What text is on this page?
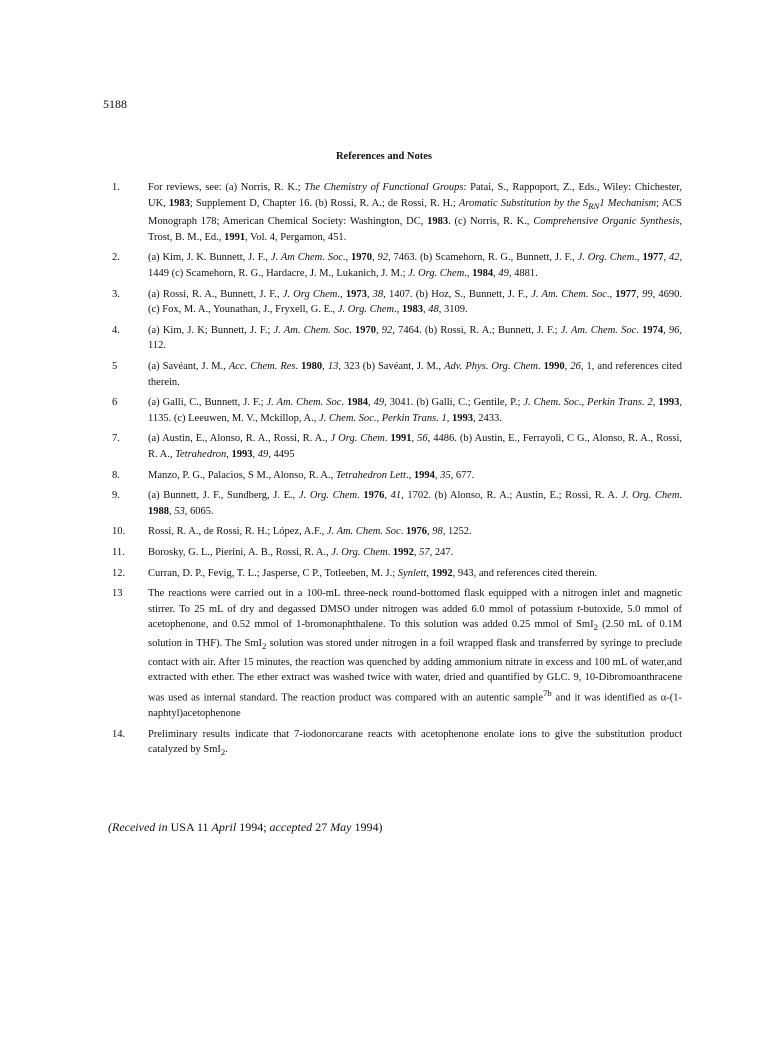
5188
References and Notes
1.	For reviews, see: (a) Norris, R. K.; The Chemistry of Functional Groups: Patai, S., Rappoport, Z., Eds., Wiley: Chichester, UK, 1983; Supplement D, Chapter 16. (b) Rossi, R. A.; de Rossi, R. H.; Aromatic Substitution by the $S_{RN}1$ Mechanism; ACS Monograph 178; American Chemical Society: Washington, DC, 1983. (c) Norris, R. K., Comprehensive Organic Synthesis, Trost, B. M., Ed., 1991, Vol. 4, Pergamon, 451.
2.	(a) Kim, J. K. Bunnett, J. F., J. Am Chem. Soc., 1970, 92, 7463. (b) Scamehorn, R. G., Bunnett, J. F., J. Org. Chem., 1977, 42, 1449 (c) Scamehorn, R. G., Hardacre, J. M., Lukanich, J. M.; J. Org. Chem., 1984, 49, 4881.
3.	(a) Rossi, R. A., Bunnett, J. F., J. Org Chem., 1973, 38, 1407. (b) Hoz, S., Bunnett, J. F., J. Am. Chem. Soc., 1977, 99, 4690. (c) Fox, M. A., Younathan, J., Fryxell, G. E., J. Org. Chem., 1983, 48, 3109.
4.	(a) Kim, J. K; Bunnett, J. F.; J. Am. Chem. Soc. 1970, 92, 7464. (b) Rossi, R. A.; Bunnett, J. F.; J. Am. Chem. Soc. 1974, 96, 112.
5	(a) Savéant, J. M., Acc. Chem. Res. 1980, 13, 323 (b) Savéant, J. M., Adv. Phys. Org. Chem. 1990, 26, 1, and references cited therein.
6	(a) Galli, C., Bunnett, J. F.; J. Am. Chem. Soc. 1984, 49, 3041. (b) Galli, C.; Gentile, P.; J. Chem. Soc., Perkin Trans. 2, 1993, 1135. (c) Leeuwen, M. V., Mckillop, A., J. Chem. Soc., Perkin Trans. 1, 1993, 2433.
7.	(a) Austin, E., Alonso, R. A., Rossi, R. A., J Org. Chem. 1991, 56, 4486. (b) Austin, E., Ferrayoli, C G., Alonso, R. A., Rossi, R. A., Tetrahedron, 1993, 49, 4495
8.	Manzo, P. G., Palacios, S M., Alonso, R. A., Tetrahedron Lett., 1994, 35, 677.
9.	(a) Bunnett, J. F., Sundberg, J. E., J. Org. Chem. 1976, 41, 1702. (b) Alonso, R. A.; Austin, E.; Rossi, R. A. J. Org. Chem. 1988, 53, 6065.
10. Rossi, R. A., de Rossi, R. H.; López, A.F., J. Am. Chem. Soc. 1976, 98, 1252.
11. Borosky, G. L., Pierini, A. B., Rossi, R. A., J. Org. Chem. 1992, 57, 247.
12. Curran, D. P., Fevig, T. L.; Jasperse, C P., Totleeben, M. J.; Synlett, 1992, 943, and references cited therein.
13 The reactions were carried out in a 100-mL three-neck round-bottomed flask equipped with a nitrogen inlet and magnetic stirrer. To 25 mL of dry and degassed DMSO under nitrogen was added 6.0 mmol of potassium t-butoxide, 5.0 mmol of acetophenone, and 0.52 mmol of 1-bromonaphthalene. To this solution was added 0.25 mmol of SmI$_2$ (2.50 mL of 0.1M solution in THF). The SmI$_2$ solution was stored under nitrogen in a foil wrapped flask and transferred by syringe to preclude contact with air. After 15 minutes, the reaction was quenched by adding ammonium nitrate in excess and 100 mL of water,and extracted with ether. The ether extract was washed twice with water, dried and quantified by GLC. 9, 10-Dibromoanthracene was used as internal standard. The reaction product was compared with an autentic sample$^{7b}$ and it was identified as α-(1-naphtyl)acetophenone
14. Preliminary results indicate that 7-iodonorcarane reacts with acetophenone enolate ions to give the substitution product catalyzed by SmI$_2$.
(Received in USA 11 April 1994; accepted 27 May 1994)
